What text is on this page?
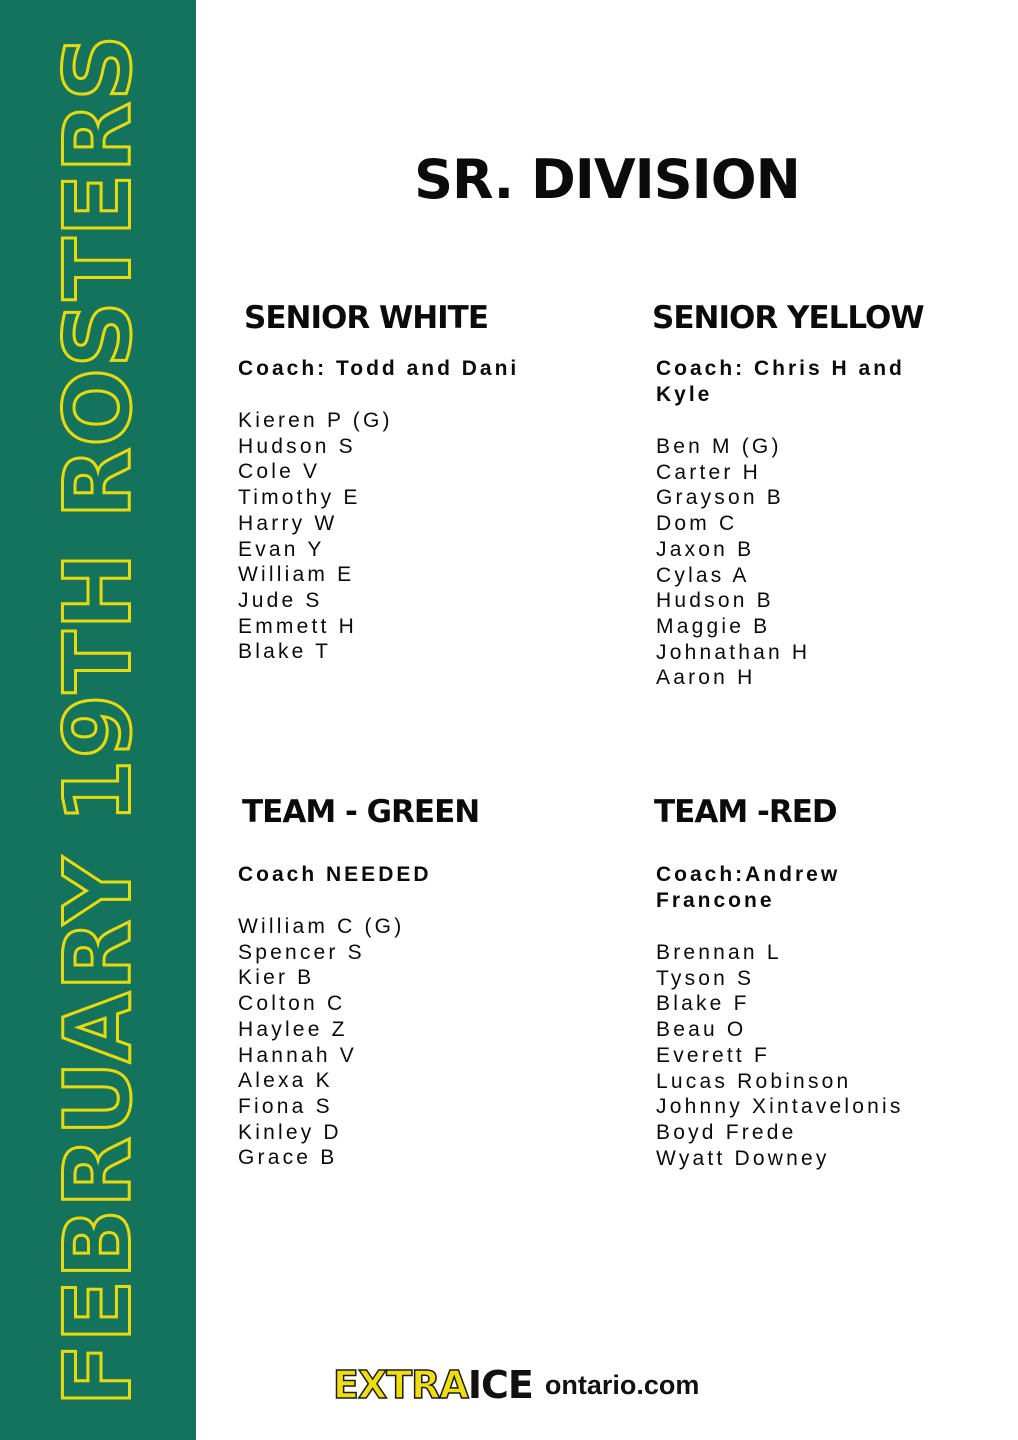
FEBRUARY 19TH ROSTERS	SR. DIVISION
SENIOR WHITE

Coach: Todd and Dani

Kieren P (G)
Hudson S
Cole V
Timothy E
Harry W
Evan Y
William E
Jude S
Emmett H
Blake T
SENIOR YELLOW

Coach: Chris H and Kyle

Ben M (G)
Carter H
Grayson B
Dom C
Jaxon B
Cylas A
Hudson B
Maggie B
Johnathan H
Aaron H
TEAM - GREEN

Coach NEEDED

William C (G)
Spencer S
Kier B
Colton C
Haylee Z
Hannah V
Alexa K
Fiona S
Kinley D
Grace B
TEAM -RED

Coach:Andrew Francone

Brennan L
Tyson S
Blake F
Beau O
Everett F
Lucas Robinson
Johnny Xintavelonis
Boyd Frede
Wyatt Downey
EXTRA ICE ontario.com
